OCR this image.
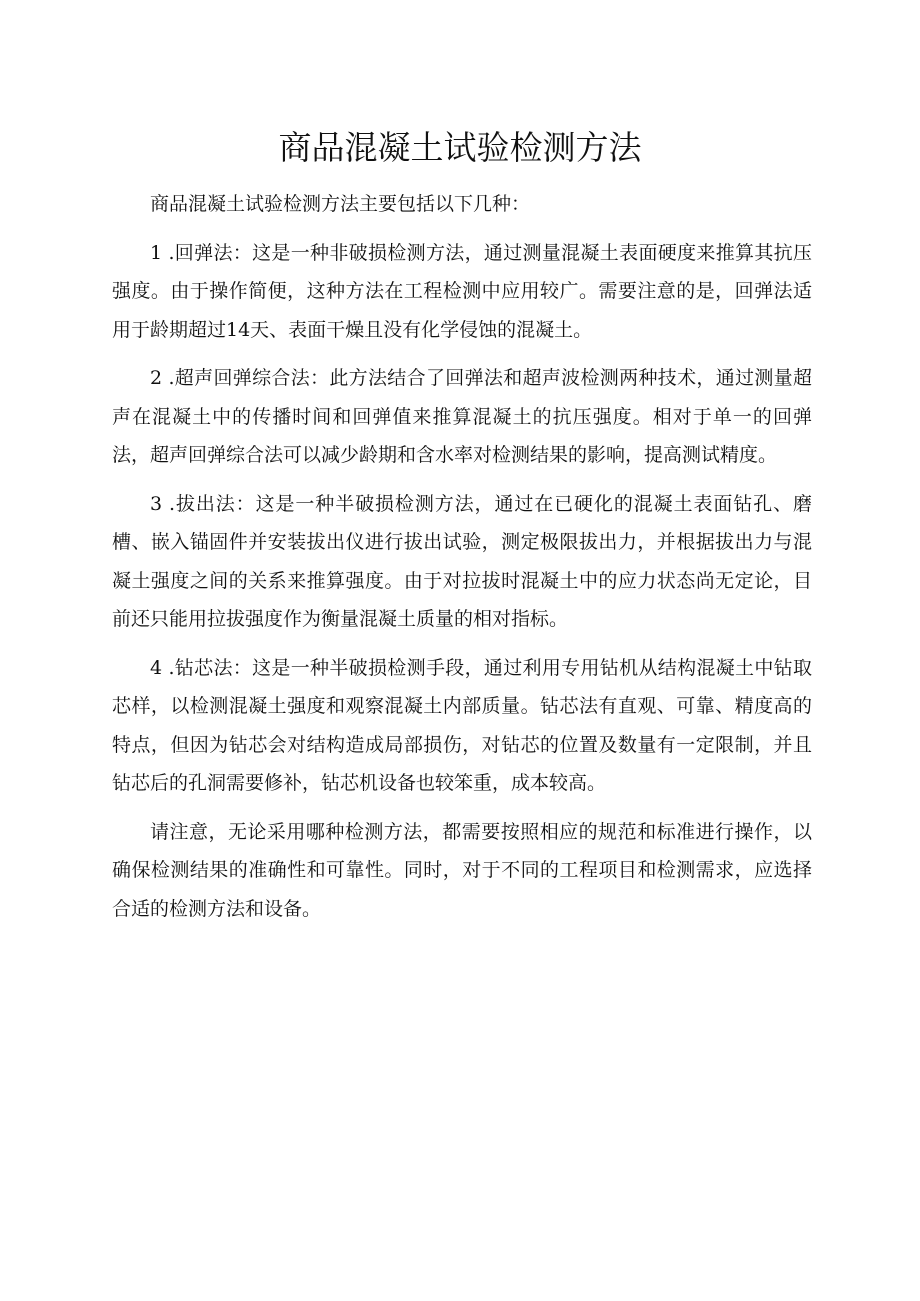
商品混凝土试验检测方法

商品混凝土试验检测方法主要包括以下几种：

1 .回弹法：这是一种非破损检测方法，通过测量混凝土表面硬度来推算其抗压强度。由于操作简便，这种方法在工程检测中应用较广。需要注意的是，回弹法适用于龄期超过14天、表面干燥且没有化学侵蚀的混凝土。

2 .超声回弹综合法：此方法结合了回弹法和超声波检测两种技术，通过测量超声在混凝土中的传播时间和回弹值来推算混凝土的抗压强度。相对于单一的回弹法，超声回弹综合法可以减少龄期和含水率对检测结果的影响，提高测试精度。

3 .拔出法：这是一种半破损检测方法，通过在已硬化的混凝土表面钻孔、磨槽、嵌入锚固件并安装拔出仪进行拔出试验，测定极限拔出力，并根据拔出力与混凝土强度之间的关系来推算强度。由于对拉拔时混凝土中的应力状态尚无定论，目前还只能用拉拔强度作为衡量混凝土质量的相对指标。

4 .钻芯法：这是一种半破损检测手段，通过利用专用钻机从结构混凝土中钻取芯样，以检测混凝土强度和观察混凝土内部质量。钻芯法有直观、可靠、精度高的特点，但因为钻芯会对结构造成局部损伤，对钻芯的位置及数量有一定限制，并且钻芯后的孔洞需要修补，钻芯机设备也较笨重，成本较高。

请注意，无论采用哪种检测方法，都需要按照相应的规范和标准进行操作，以确保检测结果的准确性和可靠性。同时，对于不同的工程项目和检测需求，应选择合适的检测方法和设备。
